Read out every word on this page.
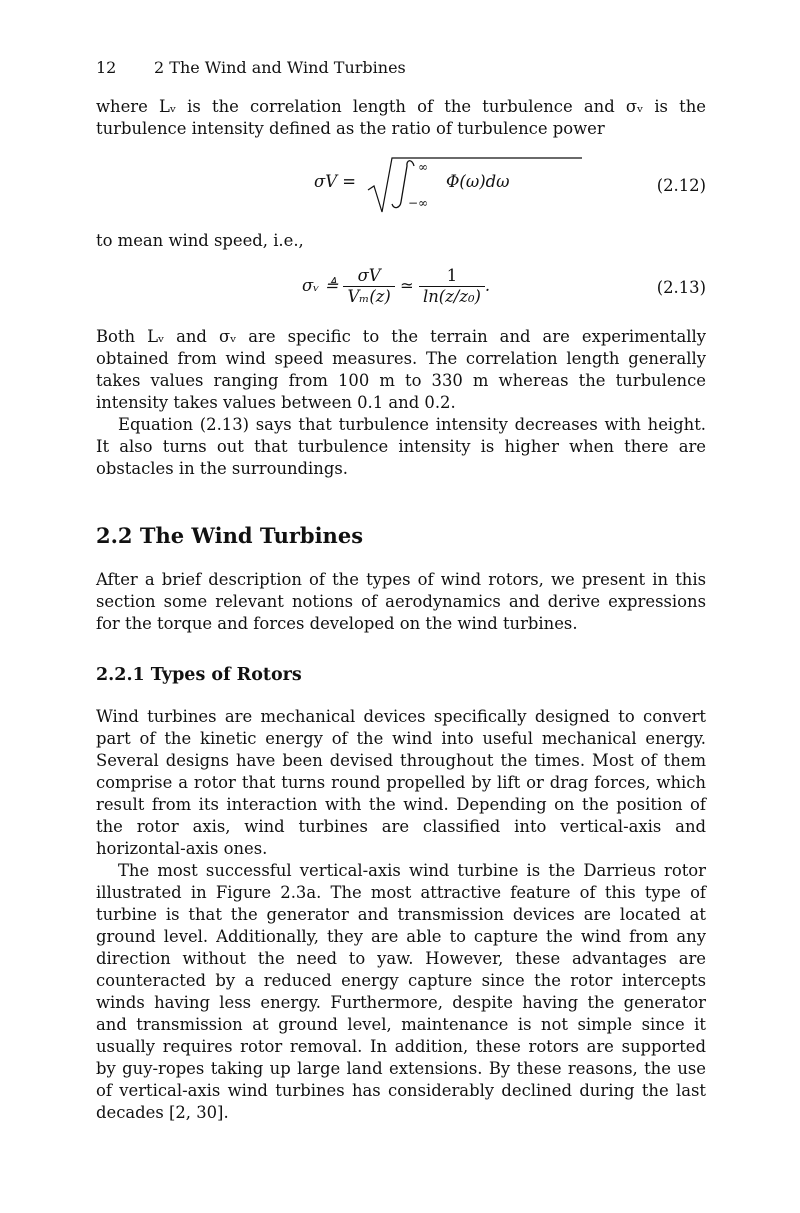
12 2 The Wind and Wind Turbines

where Lᵥ is the correlation length of the turbulence and σᵥ is the turbulence intensity defined as the ratio of turbulence power

σV =
∞
−∞
Φ(ω)dω	(2.12)

to mean wind speed, i.e.,

σᵥ ≜ $\frac{\sigma V}{\text{Vₘ(z)}}$ ≃ $\frac{1}{\text{ln(z/z₀)}}$ .	(2.13)

Both Lᵥ and σᵥ are specific to the terrain and are experimentally obtained from wind speed measures. The correlation length generally takes values ranging from 100 m to 330 m whereas the turbulence intensity takes values between 0.1 and 0.2.

Equation (2.13) says that turbulence intensity decreases with height. It also turns out that turbulence intensity is higher when there are obstacles in the surroundings.

2.2 The Wind Turbines

After a brief description of the types of wind rotors, we present in this section some relevant notions of aerodynamics and derive expressions for the torque and forces developed on the wind turbines.

2.2.1 Types of Rotors

Wind turbines are mechanical devices specifically designed to convert part of the kinetic energy of the wind into useful mechanical energy. Several designs have been devised throughout the times. Most of them comprise a rotor that turns round propelled by lift or drag forces, which result from its interaction with the wind. Depending on the position of the rotor axis, wind turbines are classified into vertical-axis and horizontal-axis ones.

The most successful vertical-axis wind turbine is the Darrieus rotor illustrated in Figure 2.3a. The most attractive feature of this type of turbine is that the generator and transmission devices are located at ground level. Additionally, they are able to capture the wind from any direction without the need to yaw. However, these advantages are counteracted by a reduced energy capture since the rotor intercepts winds having less energy. Furthermore, despite having the generator and transmission at ground level, maintenance is not simple since it usually requires rotor removal. In addition, these rotors are supported by guy-ropes taking up large land extensions. By these reasons, the use of vertical-axis wind turbines has considerably declined during the last decades [2, 30].
